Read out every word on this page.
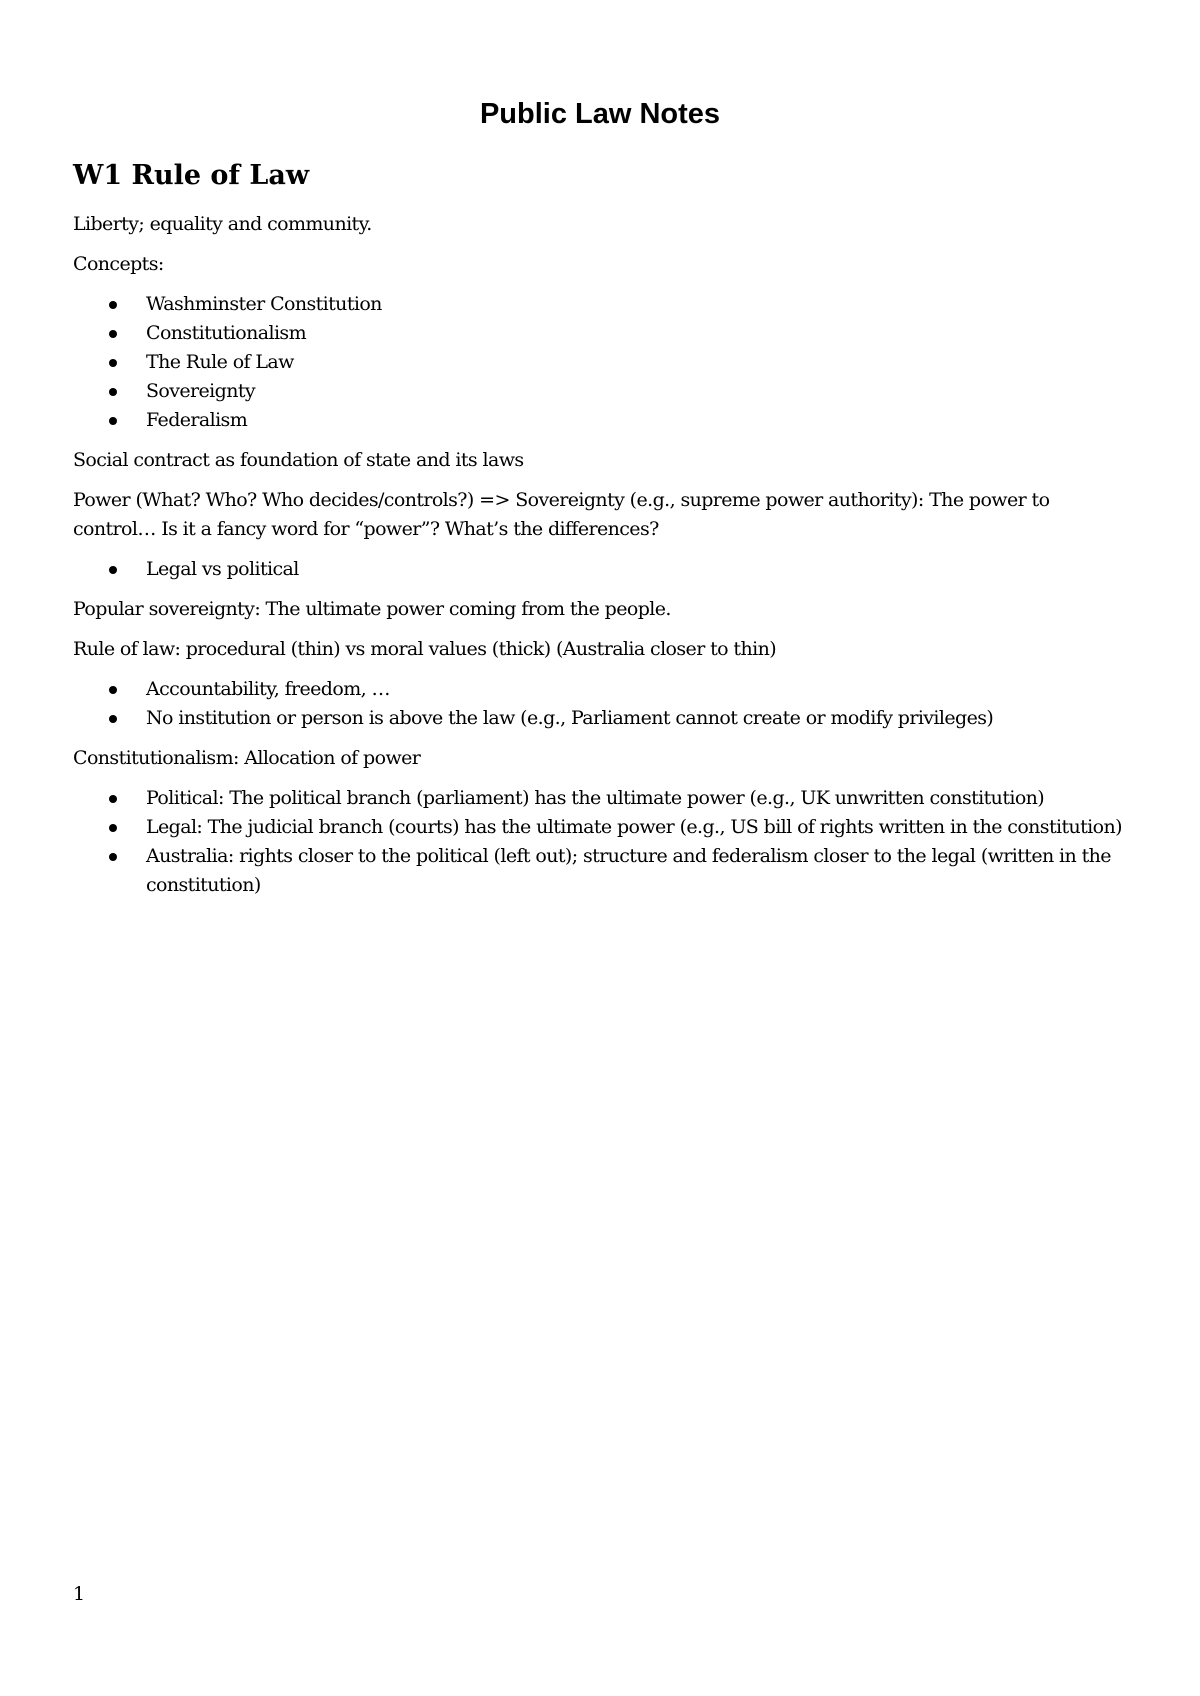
Public Law Notes
W1 Rule of Law

Liberty; equality and community.

Concepts:

Washminster Constitution
Constitutionalism
The Rule of Law
Sovereignty
Federalism

Social contract as foundation of state and its laws

Power (What? Who? Who decides/controls?) => Sovereignty (e.g., supreme power authority): The power to control… Is it a fancy word for “power”? What’s the differences?

Legal vs political

Popular sovereignty: The ultimate power coming from the people.

Rule of law: procedural (thin) vs moral values (thick) (Australia closer to thin)

Accountability, freedom, …
No institution or person is above the law (e.g., Parliament cannot create or modify privileges)

Constitutionalism: Allocation of power

Political: The political branch (parliament) has the ultimate power (e.g., UK unwritten constitution)
Legal: The judicial branch (courts) has the ultimate power (e.g., US bill of rights written in the constitution)
Australia: rights closer to the political (left out); structure and federalism closer to the legal (written in the constitution)
1
